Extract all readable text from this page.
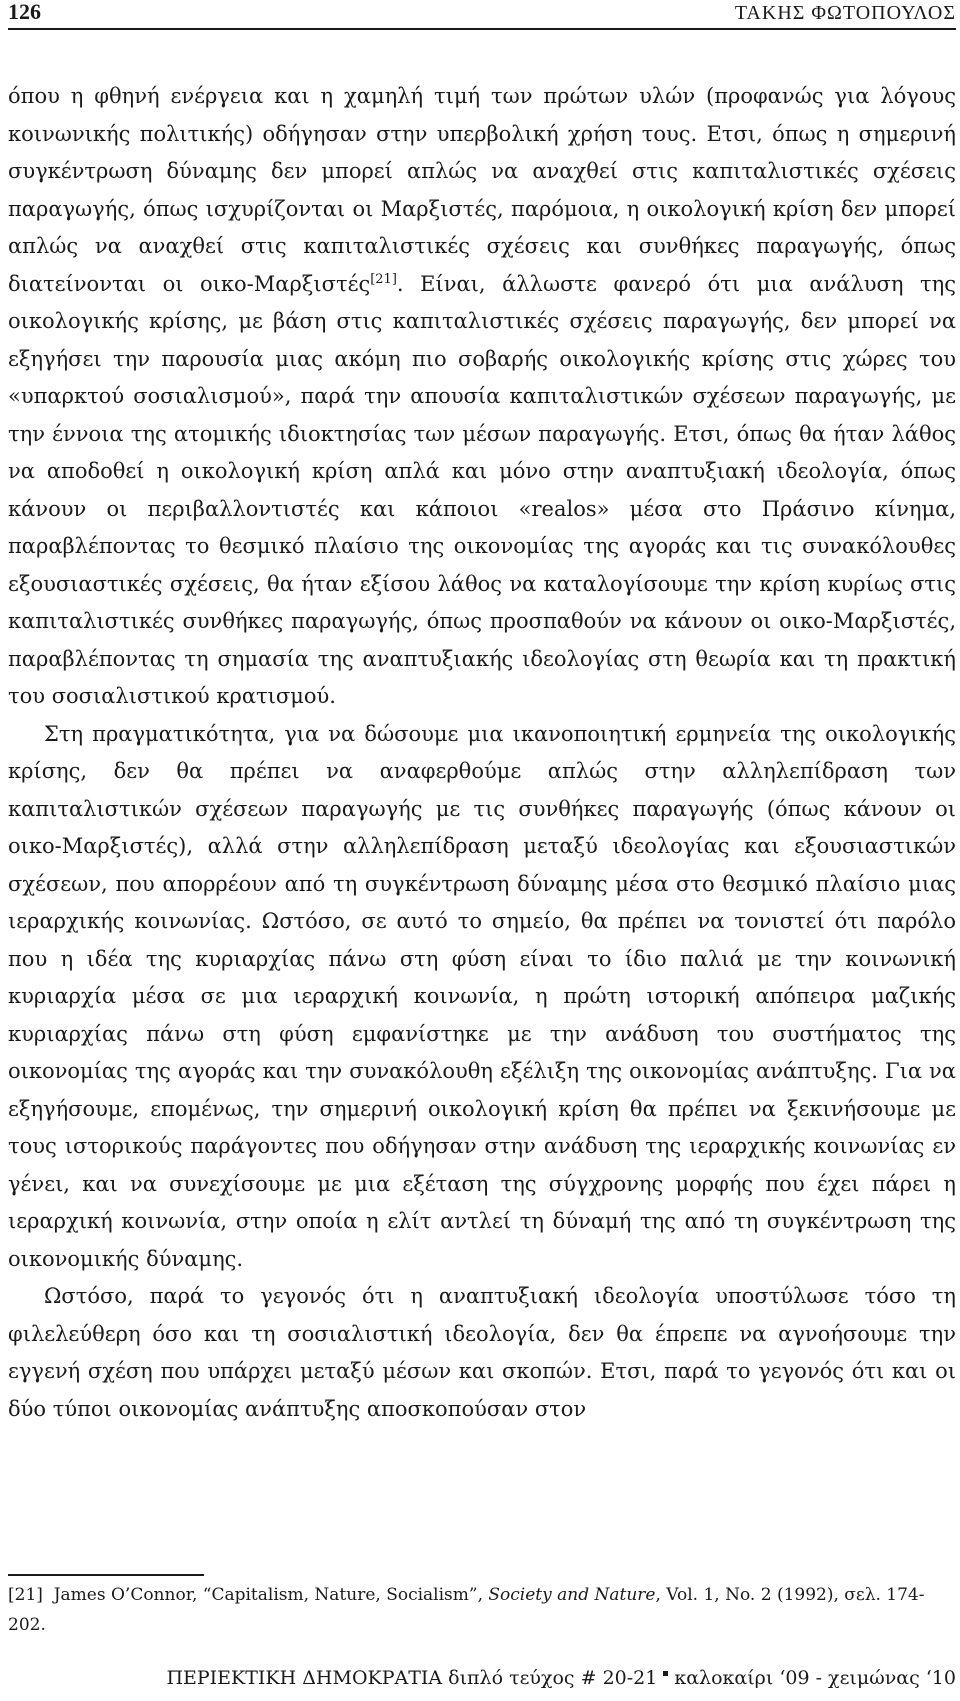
126	ΤΑΚΗΣ ΦΩΤΟΠΟΥΛΟΣ

όπου η φθηνή ενέργεια και η χαμηλή τιμή των πρώτων υλών (προφανώς για λόγους κοινωνικής πολιτικής) οδήγησαν στην υπερβολική χρήση τους. Ετσι, όπως η σημερινή συγκέντρωση δύναμης δεν μπορεί απλώς να αναχθεί στις καπιταλιστικές σχέσεις παραγωγής, όπως ισχυρίζονται οι Μαρξιστές, παρόμοια, η οικολογική κρίση δεν μπορεί απλώς να αναχθεί στις καπιταλιστικές σχέσεις και συνθήκες παραγωγής, όπως διατείνονται οι οικο-Μαρξιστές[21]. Είναι, άλλωστε φανερό ότι μια ανάλυση της οικολογικής κρίσης, με βάση στις καπιταλιστικές σχέσεις παραγωγής, δεν μπορεί να εξηγήσει την παρουσία μιας ακόμη πιο σοβαρής οικολογικής κρίσης στις χώρες του «υπαρκτού σοσιαλισμού», παρά την απουσία καπιταλιστικών σχέσεων παραγωγής, με την έννοια της ατομικής ιδιοκτησίας των μέσων παραγωγής. Ετσι, όπως θα ήταν λάθος να αποδοθεί η οικολογική κρίση απλά και μόνο στην αναπτυξιακή ιδεολογία, όπως κάνουν οι περιβαλλοντιστές και κάποιοι «realos» μέσα στο Πράσινο κίνημα, παραβλέποντας το θεσμικό πλαίσιο της οικονομίας της αγοράς και τις συνακόλουθες εξουσιαστικές σχέσεις, θα ήταν εξίσου λάθος να καταλογίσουμε την κρίση κυρίως στις καπιταλιστικές συνθήκες παραγωγής, όπως προσπαθούν να κάνουν οι οικο-Μαρξιστές, παραβλέποντας τη σημασία της αναπτυξιακής ιδεολογίας στη θεωρία και τη πρακτική του σοσιαλιστικού κρατισμού.

Στη πραγματικότητα, για να δώσουμε μια ικανοποιητική ερμηνεία της οικολογικής κρίσης, δεν θα πρέπει να αναφερθούμε απλώς στην αλληλεπίδραση των καπιταλιστικών σχέσεων παραγωγής με τις συνθήκες παραγωγής (όπως κάνουν οι οικο-Μαρξιστές), αλλά στην αλληλεπίδραση μεταξύ ιδεολογίας και εξουσιαστικών σχέσεων, που απορρέουν από τη συγκέντρωση δύναμης μέσα στο θεσμικό πλαίσιο μιας ιεραρχικής κοινωνίας. Ωστόσο, σε αυτό το σημείο, θα πρέπει να τονιστεί ότι παρόλο που η ιδέα της κυριαρχίας πάνω στη φύση είναι το ίδιο παλιά με την κοινωνική κυριαρχία μέσα σε μια ιεραρχική κοινωνία, η πρώτη ιστορική απόπειρα μαζικής κυριαρχίας πάνω στη φύση εμφανίστηκε με την ανάδυση του συστήματος της οικονομίας της αγοράς και την συνακόλουθη εξέλιξη της οικονομίας ανάπτυξης. Για να εξηγήσουμε, επομένως, την σημερινή οικολογική κρίση θα πρέπει να ξεκινήσουμε με τους ιστορικούς παράγοντες που οδήγησαν στην ανάδυση της ιεραρχικής κοινωνίας εν γένει, και να συνεχίσουμε με μια εξέταση της σύγχρονης μορφής που έχει πάρει η ιεραρχική κοινωνία, στην οποία η ελίτ αντλεί τη δύναμή της από τη συγκέντρωση της οικονομικής δύναμης.

Ωστόσο, παρά το γεγονός ότι η αναπτυξιακή ιδεολογία υποστύλωσε τόσο τη φιλελεύθερη όσο και τη σοσιαλιστική ιδεολογία, δεν θα έπρεπε να αγνοήσουμε την εγγενή σχέση που υπάρχει μεταξύ μέσων και σκοπών. Ετσι, παρά το γεγονός ότι και οι δύο τύποι οικονομίας ανάπτυξης αποσκοπούσαν στον

[21] James O’Connor, “Capitalism, Nature, Socialism”, Society and Nature, Vol. 1, No. 2 (1992), σελ. 174-202.
ΠΕΡΙΕΚΤΙΚΗ ΔΗΜΟΚΡΑΤΙΑ διπλό τεύχος # 20-21 καλοκαίρι ‘09 - χειμώνας ‘10
